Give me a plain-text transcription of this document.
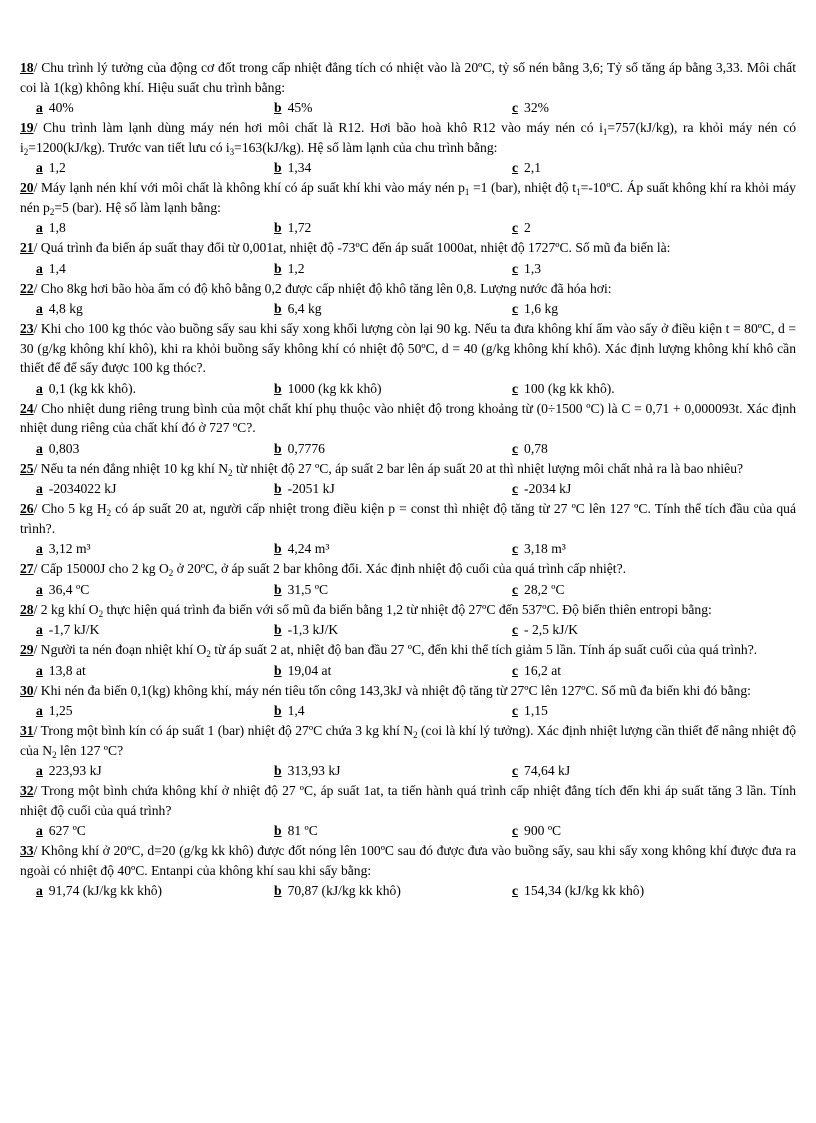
18/ Chu trình lý tưởng của động cơ đốt trong cấp nhiệt đẳng tích có nhiệt vào là 20ºC, tỷ số nén bằng 3,6; Tỷ số tăng áp bằng 3,33. Môi chất coi là 1(kg) không khí. Hiệu suất chu trình bằng:

a 40%	b 45%	c 32%

19/ Chu trình làm lạnh dùng máy nén hơi môi chất là R12. Hơi bão hoà khô R12 vào máy nén có $i_1=757(kJ/kg)$, ra khỏi máy nén có $i_2=1200(kJ/kg)$. Trước van tiết lưu có $i_3=163(kJ/kg)$. Hệ số làm lạnh của chu trình bằng:

a 1,2	b 1,34	c 2,1

20/ Máy lạnh nén khí với môi chất là không khí có áp suất khí khi vào máy nén $p_1 =1$ (bar), nhiệt độ $t_1=-10ºC$. Áp suất không khí ra khỏi máy nén $p_2=5$ (bar). Hệ số làm lạnh bằng:

a 1,8	b 1,72	c 2

21/ Quá trình đa biến áp suất thay đổi từ 0,001at, nhiệt độ -73ºC đến áp suất 1000at, nhiệt độ 1727ºC. Số mũ đa biến là:

a 1,4	b 1,2	c 1,3

22/ Cho 8kg hơi bão hòa ẩm có độ khô bằng 0,2 được cấp nhiệt độ khô tăng lên 0,8. Lượng nước đã hóa hơi:

a 4,8 kg	b 6,4 kg	c 1,6 kg

23/ Khi cho 100 kg thóc vào buồng sấy sau khi sấy xong khối lượng còn lại 90 kg. Nếu ta đưa không khí ẩm vào sấy ở điều kiện t = 80ºC, d = 30 (g/kg không khí khô), khi ra khỏi buồng sấy không khí có nhiệt độ 50ºC, d = 40 (g/kg không khí khô). Xác định lượng không khí khô cần thiết để để sấy được 100 kg thóc?.

a 0,1 (kg kk khô).	b 1000 (kg kk khô)	c 100 (kg kk khô).

24/ Cho nhiệt dung riêng trung bình của một chất khí phụ thuộc vào nhiệt độ trong khoảng từ (0÷1500 ºC) là C = 0,71 + 0,000093t. Xác định nhiệt dung riêng của chất khí đó ở 727 ºC?.

a 0,803	b 0,7776	c 0,78

25/ Nếu ta nén đẳng nhiệt 10 kg khí $N_2$ từ nhiệt độ 27 ºC, áp suất 2 bar lên áp suất 20 at thì nhiệt lượng môi chất nhả ra là bao nhiêu?

a -2034022 kJ	b -2051 kJ	c -2034 kJ

26/ Cho 5 kg $H_2$ có áp suất 20 at, người cấp nhiệt trong điều kiện p = const thì nhiệt độ tăng từ 27 ºC lên 127 ºC. Tính thể tích đầu của quá trình?.

a 3,12 m³	b 4,24 m³	c 3,18 m³

27/ Cấp 15000J cho 2 kg $O_2$ ở 20ºC, ở áp suất 2 bar không đổi. Xác định nhiệt độ cuối của quá trình cấp nhiệt?.

a 36,4 ºC	b 31,5 ºC	c 28,2 ºC

28/ 2 kg khí $O_2$ thực hiện quá trình đa biến với số mũ đa biến bằng 1,2 từ nhiệt độ 27ºC đến 537ºC. Độ biến thiên entropi bằng:

a -1,7 kJ/K	b -1,3 kJ/K	c - 2,5 kJ/K

29/ Người ta nén đoạn nhiệt khí $O_2$ từ áp suất 2 at, nhiệt độ ban đầu 27 ºC, đến khi thể tích giảm 5 lần. Tính áp suất cuối của quá trình?.

a 13,8 at	b 19,04 at	c 16,2 at

30/ Khi nén đa biến 0,1(kg) không khí, máy nén tiêu tốn công 143,3kJ và nhiệt độ tăng từ 27ºC lên 127ºC. Số mũ đa biến khi đó bằng:

a 1,25	b 1,4	c 1,15

31/ Trong một bình kín có áp suất 1 (bar) nhiệt độ 27ºC chứa 3 kg khí $N_2$ (coi là khí lý tưởng). Xác định nhiệt lượng cần thiết để nâng nhiệt độ của $N_2$ lên 127 ºC?

a 223,93 kJ	b 313,93 kJ	c 74,64 kJ

32/ Trong một bình chứa không khí ở nhiệt độ 27 ºC, áp suất 1at, ta tiến hành quá trình cấp nhiệt đẳng tích đến khi áp suất tăng 3 lần. Tính nhiệt độ cuối của quá trình?

a 627 ºC	b 81 ºC	c 900 ºC

33/ Không khí ở 20ºC, d=20 (g/kg kk khô) được đốt nóng lên 100ºC sau đó được đưa vào buồng sấy, sau khi sấy xong không khí được đưa ra ngoài có nhiệt độ 40ºC. Entanpi của không khí sau khi sấy bằng:

a 91,74 (kJ/kg kk khô)	b 70,87 (kJ/kg kk khô)	c 154,34 (kJ/kg kk khô)
